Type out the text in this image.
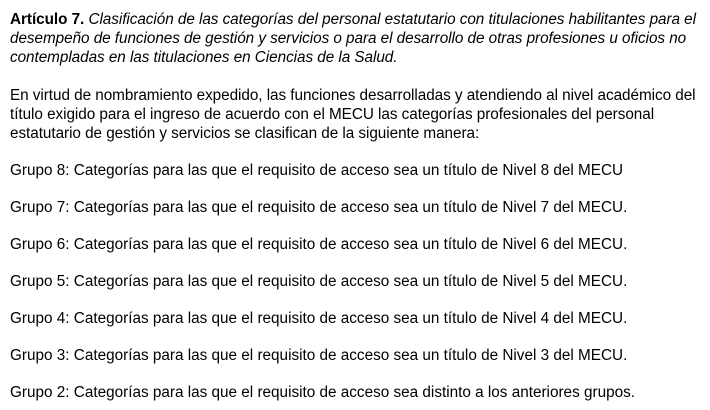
Artículo 7. Clasificación de las categorías del personal estatutario con titulaciones habilitantes para el desempeño de funciones de gestión y servicios o para el desarrollo de otras profesiones u oficios no contempladas en las titulaciones en Ciencias de la Salud.

En virtud de nombramiento expedido, las funciones desarrolladas y atendiendo al nivel académico del título exigido para el ingreso de acuerdo con el MECU las categorías profesionales del personal estatutario de gestión y servicios se clasifican de la siguiente manera:

Grupo 8: Categorías para las que el requisito de acceso sea un título de Nivel 8 del MECU
Grupo 7: Categorías para las que el requisito de acceso sea un título de Nivel 7 del MECU.
Grupo 6: Categorías para las que el requisito de acceso sea un título de Nivel 6 del MECU.
Grupo 5: Categorías para las que el requisito de acceso sea un título de Nivel 5 del MECU.
Grupo 4: Categorías para las que el requisito de acceso sea un título de Nivel 4 del MECU.
Grupo 3: Categorías para las que el requisito de acceso sea un título de Nivel 3 del MECU.
Grupo 2: Categorías para las que el requisito de acceso sea distinto a los anteriores grupos.
